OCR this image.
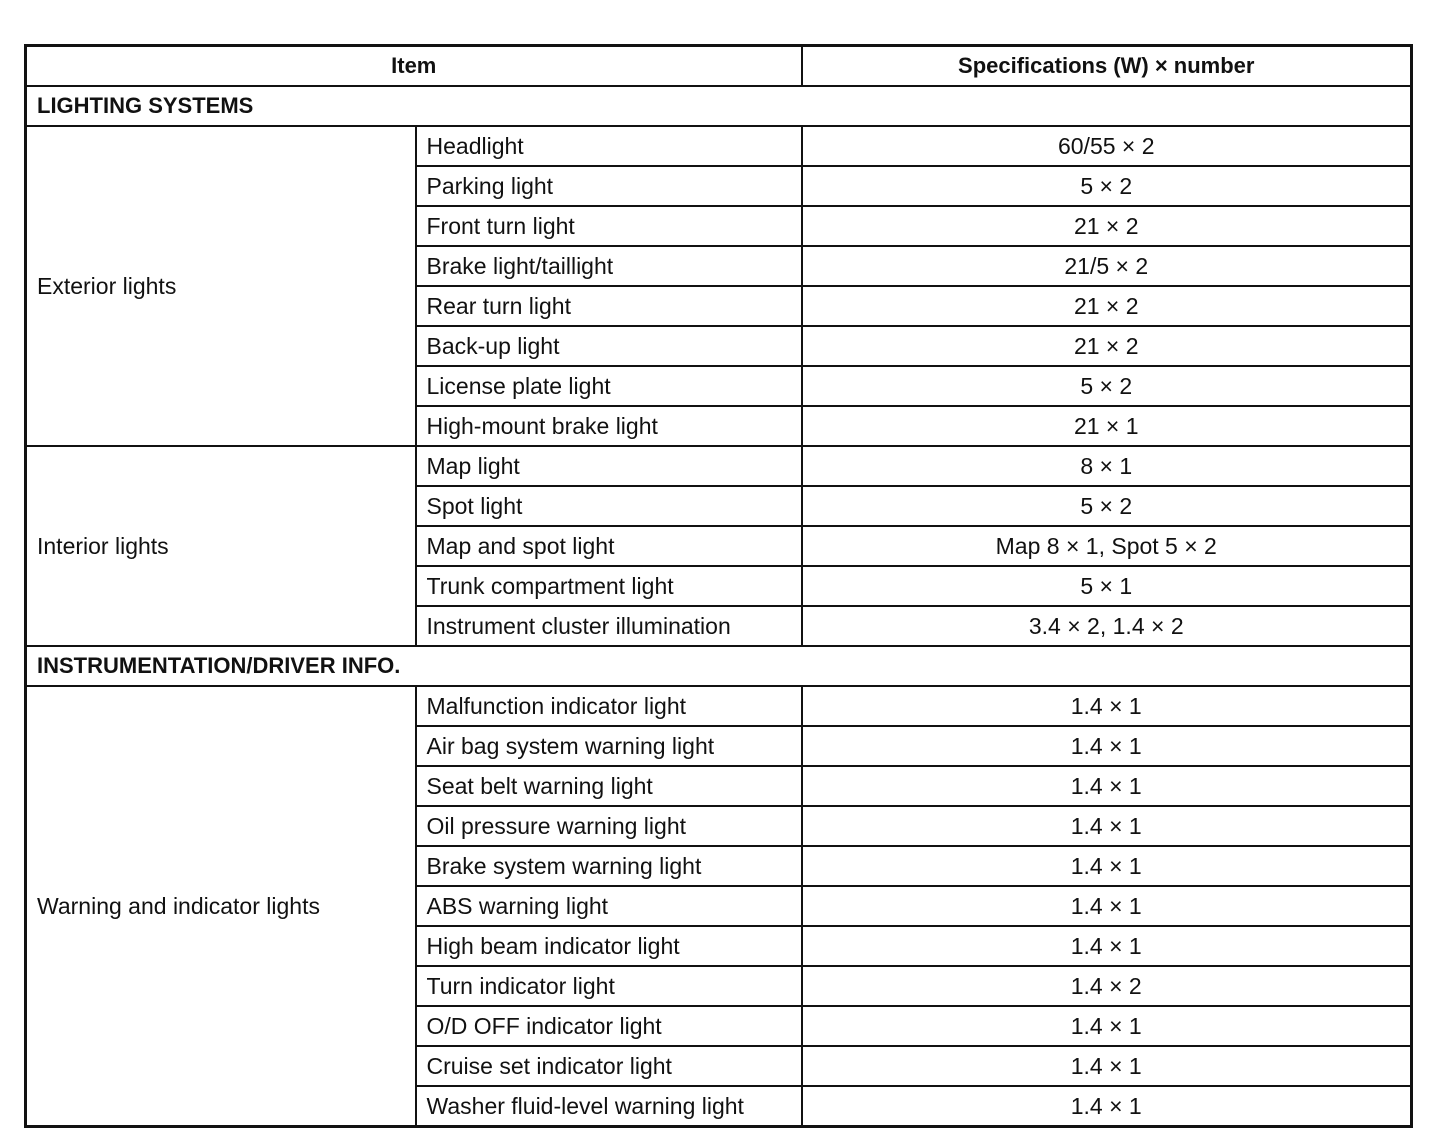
Item		Specifications (W) × number
LIGHTING SYSTEMS		
Exterior lights	Headlight	60/55 × 2
	Parking light	5 × 2
	Front turn light	21 × 2
	Brake light/taillight	21/5 × 2
	Rear turn light	21 × 2
	Back-up light	21 × 2
	License plate light	5 × 2
	High-mount brake light	21 × 1
Interior lights	Map light	8 × 1
	Spot light	5 × 2
	Map and spot light	Map 8 × 1, Spot 5 × 2
	Trunk compartment light	5 × 1
	Instrument cluster illumination	3.4 × 2, 1.4 × 2
INSTRUMENTATION/DRIVER INFO.		
Warning and indicator lights	Malfunction indicator light	1.4 × 1
	Air bag system warning light	1.4 × 1
	Seat belt warning light	1.4 × 1
	Oil pressure warning light	1.4 × 1
	Brake system warning light	1.4 × 1
	ABS warning light	1.4 × 1
	High beam indicator light	1.4 × 1
	Turn indicator light	1.4 × 2
	O/D OFF indicator light	1.4 × 1
	Cruise set indicator light	1.4 × 1
	Washer fluid-level warning light	1.4 × 1
